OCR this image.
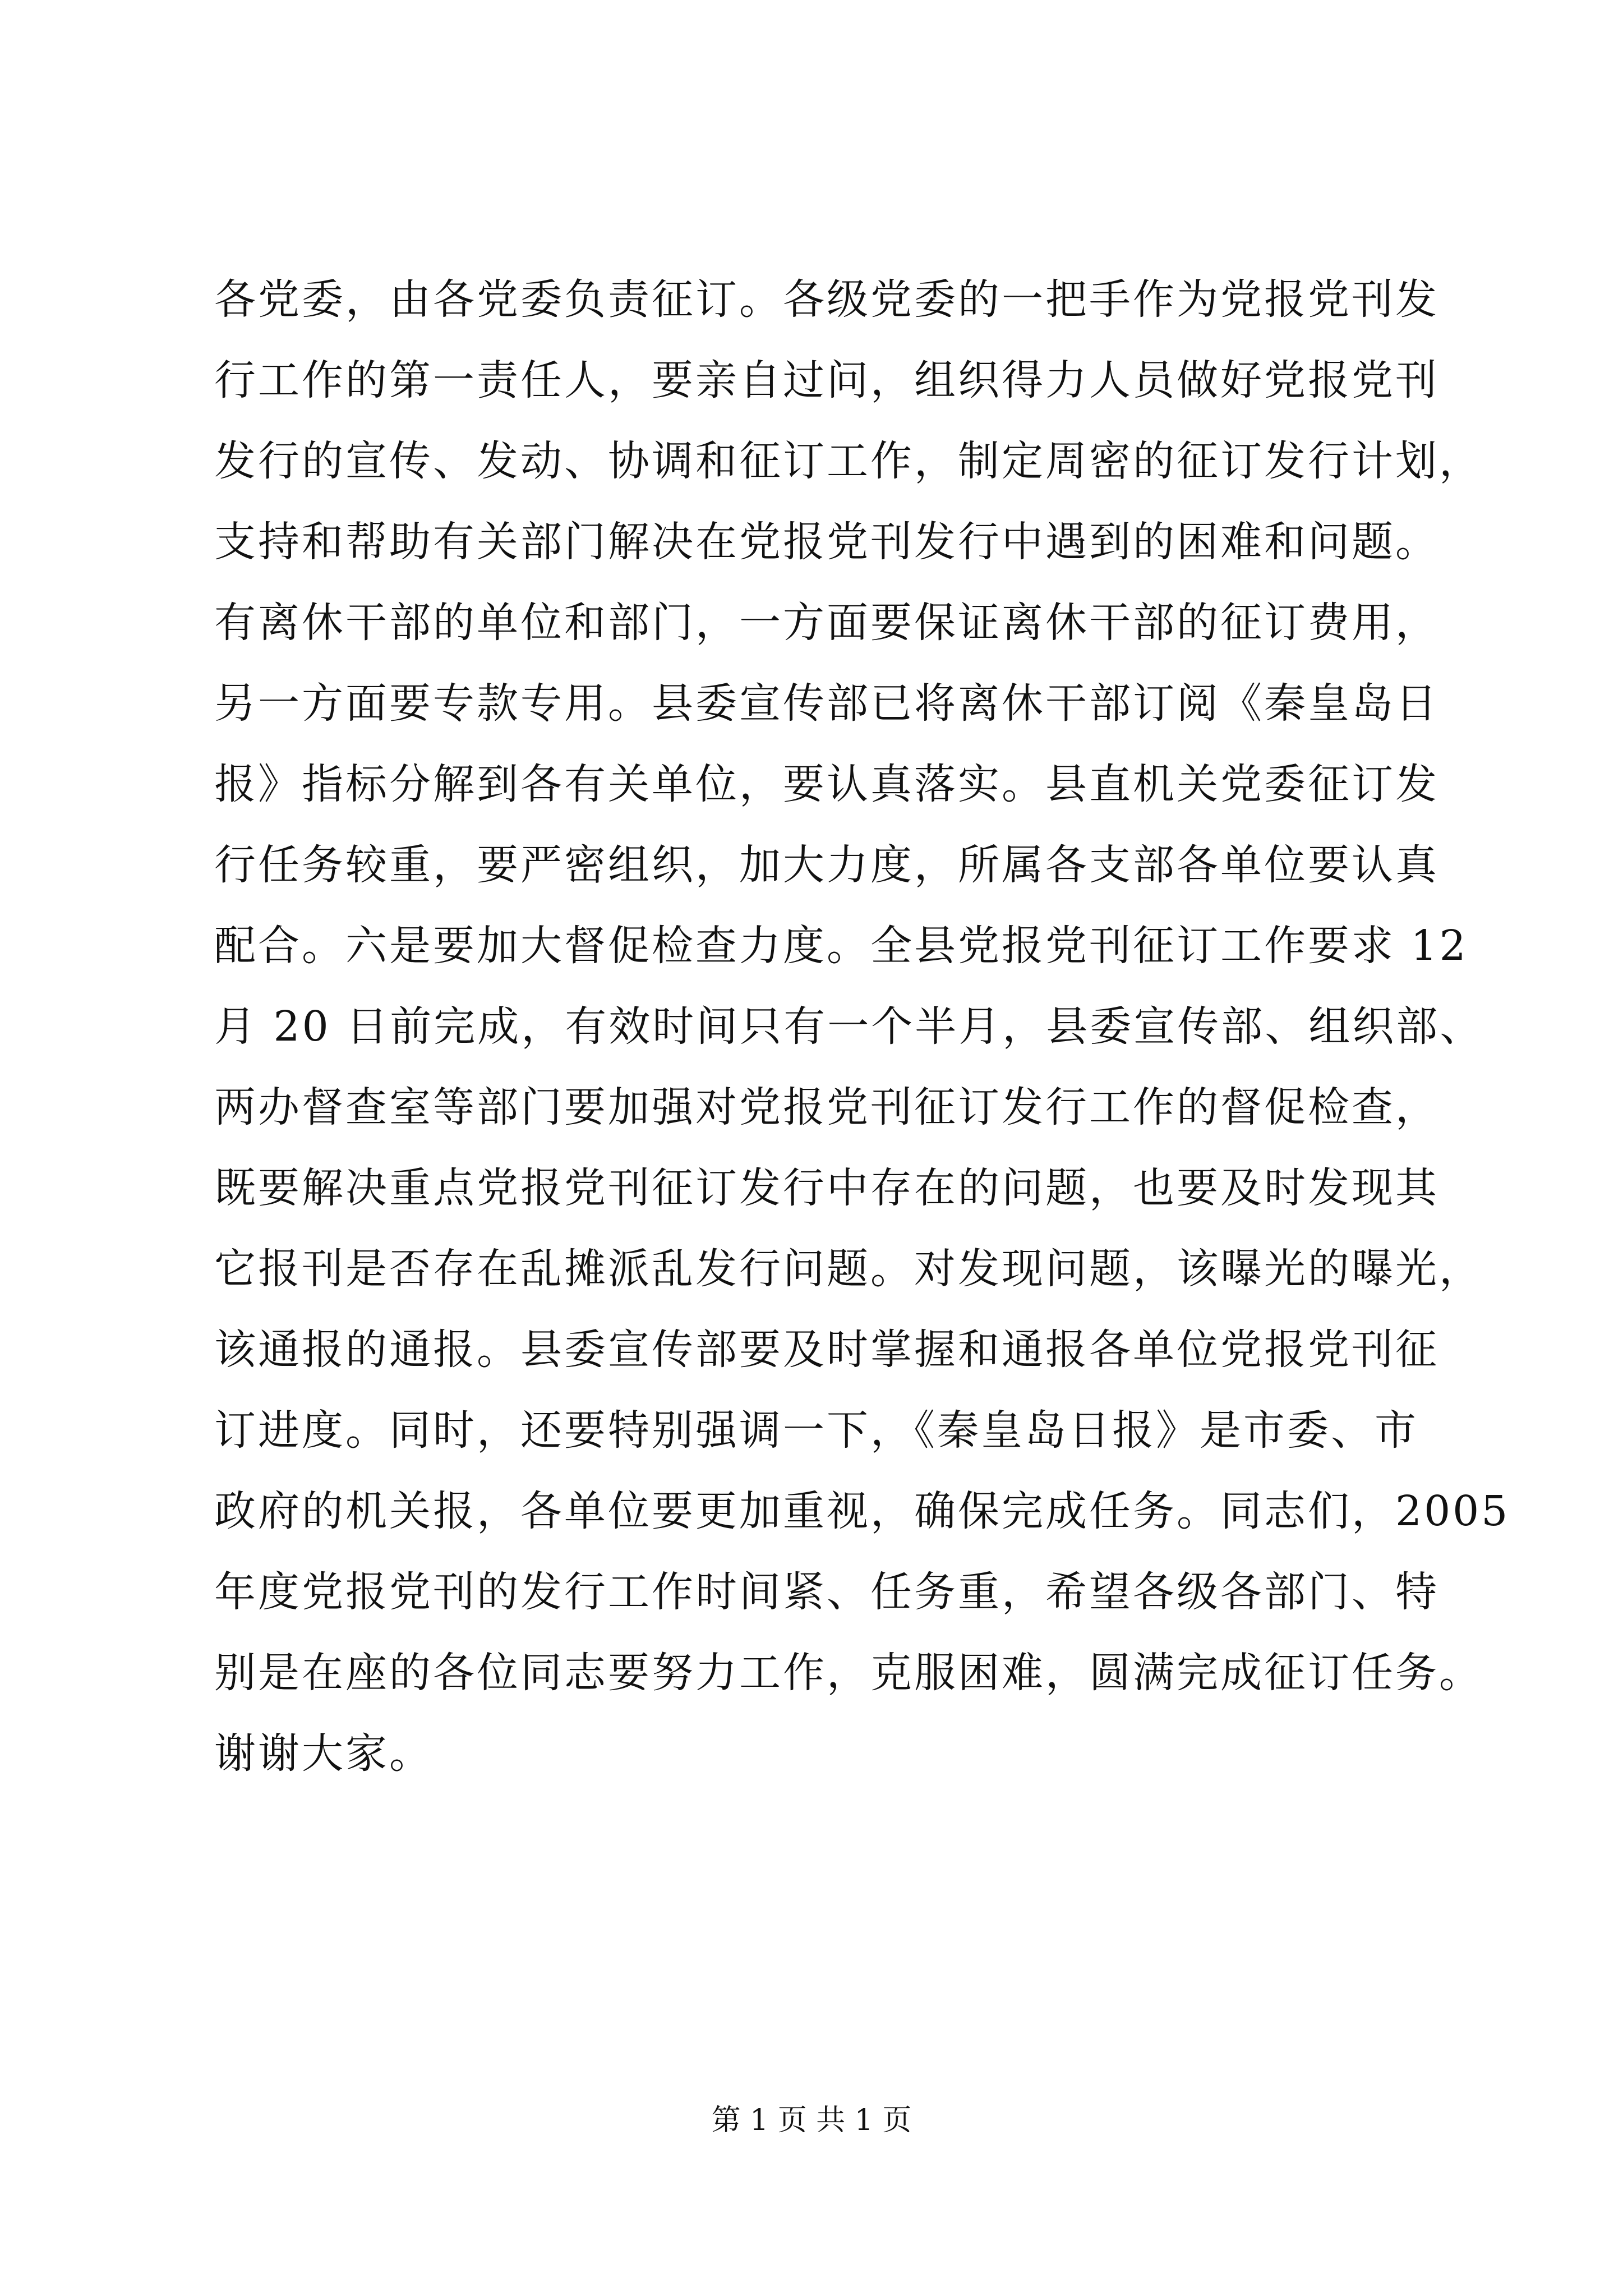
各党委，由各党委负责征订。各级党委的一把手作为党报党刊发
行工作的第一责任人，要亲自过问，组织得力人员做好党报党刊
发行的宣传、发动、协调和征订工作，制定周密的征订发行计划，
支持和帮助有关部门解决在党报党刊发行中遇到的困难和问题。
有离休干部的单位和部门，一方面要保证离休干部的征订费用，
另一方面要专款专用。县委宣传部已将离休干部订阅《秦皇岛日
报》指标分解到各有关单位，要认真落实。县直机关党委征订发
行任务较重，要严密组织，加大力度，所属各支部各单位要认真
配合。六是要加大督促检查力度。全县党报党刊征订工作要求 12
月 20 日前完成，有效时间只有一个半月，县委宣传部、组织部、
两办督查室等部门要加强对党报党刊征订发行工作的督促检查，
既要解决重点党报党刊征订发行中存在的问题，也要及时发现其
它报刊是否存在乱摊派乱发行问题。对发现问题，该曝光的曝光，
该通报的通报。县委宣传部要及时掌握和通报各单位党报党刊征
订进度。同时，还要特别强调一下，《秦皇岛日报》是市委、市
政府的机关报，各单位要更加重视，确保完成任务。同志们，2005
年度党报党刊的发行工作时间紧、任务重，希望各级各部门、特
别是在座的各位同志要努力工作，克服困难，圆满完成征订任务。
谢谢大家。
第 1 页 共 1 页
